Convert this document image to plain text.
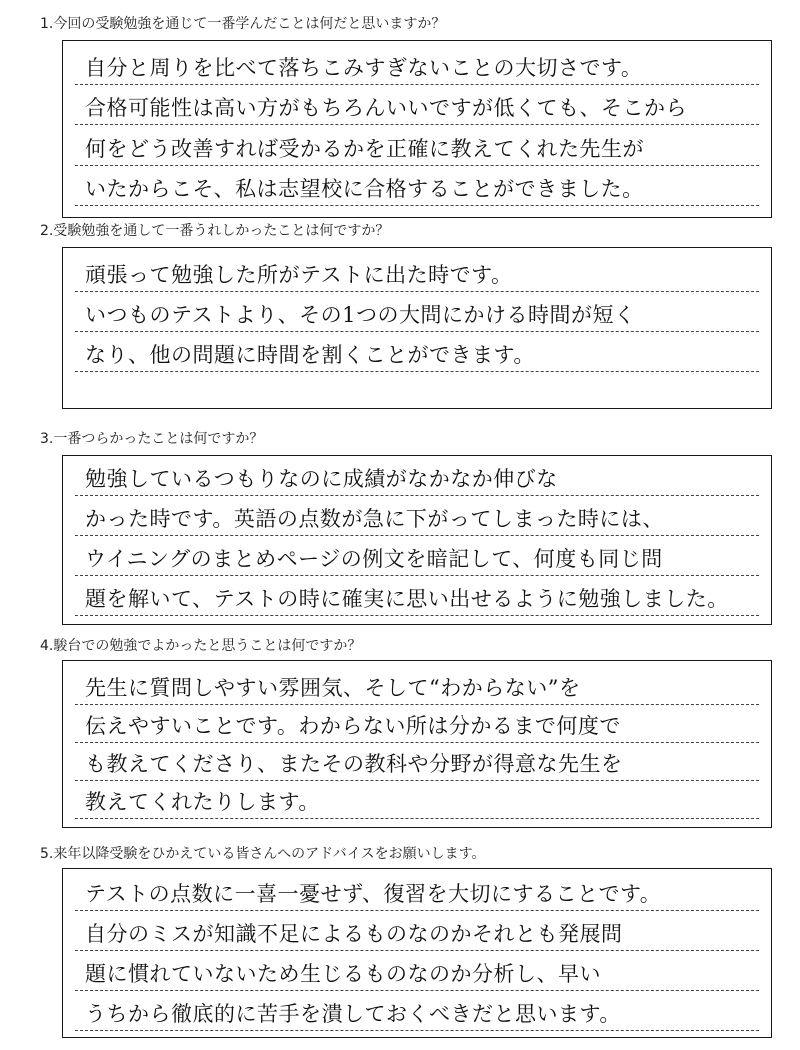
1.今回の受験勉強を通じて一番学んだことは何だと思いますか？
自分と周りを比べて落ちこみすぎないことの大切さです。
合格可能性は高い方がもちろんいいですが低くても、そこから
何をどう改善すれば受かるかを正確に教えてくれた先生が
いたからこそ、私は志望校に合格することができました。
2.受験勉強を通して一番うれしかったことは何ですか？
頑張って勉強した所がテストに出た時です。
いつものテストより、その1つの大問にかける時間が短く
なり、他の問題に時間を割くことができます。
3.一番つらかったことは何ですか？
勉強しているつもりなのに成績がなかなか伸びな
かった時です。英語の点数が急に下がってしまった時には、
ウイニングのまとめページの例文を暗記して、何度も同じ問
題を解いて、テストの時に確実に思い出せるように勉強しました。
4.駿台での勉強でよかったと思うことは何ですか？
先生に質問しやすい雰囲気、そして“わからない”を
伝えやすいことです。わからない所は分かるまで何度で
も教えてくださり、またその教科や分野が得意な先生を
教えてくれたりします。
5.来年以降受験をひかえている皆さんへのアドバイスをお願いします。
テストの点数に一喜一憂せず、復習を大切にすることです。
自分のミスが知識不足によるものなのかそれとも発展問
題に慣れていないため生じるものなのか分析し、早い
うちから徹底的に苦手を潰しておくべきだと思います。
